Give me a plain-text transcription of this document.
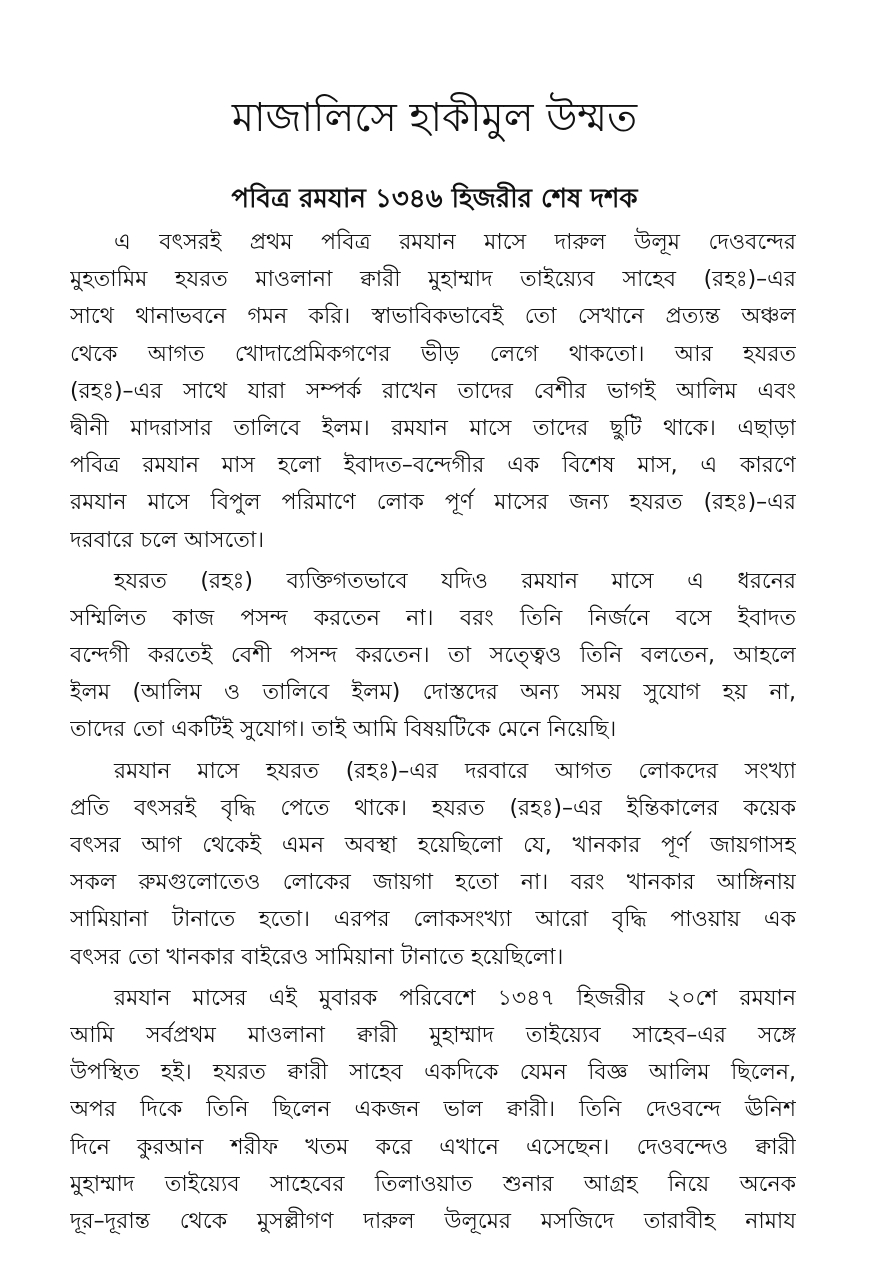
মাজালিসে হাকীমুল উম্মত
পবিত্র রমযান ১৩৪৬ হিজরীর শেষ দশক
এ বৎসরই প্রথম পবিত্র রমযান মাসে দারুল উলূম দেওবন্দের
মুহতামিম হযরত মাওলানা ক্বারী মুহাম্মাদ তাইয়্যেব সাহেব (রহঃ)–এর
সাথে থানাভবনে গমন করি। স্বাভাবিকভাবেই তো সেখানে প্রত্যন্ত অঞ্চল
থেকে আগত খোদাপ্রেমিকগণের ভীড় লেগে থাকতো। আর হযরত
(রহঃ)–এর সাথে যারা সম্পর্ক রাখেন তাদের বেশীর ভাগই আলিম এবং
দ্বীনী মাদরাসার তালিবে ইলম। রমযান মাসে তাদের ছুটি থাকে। এছাড়া
পবিত্র রমযান মাস হলো ইবাদত–বন্দেগীর এক বিশেষ মাস, এ কারণে
রমযান মাসে বিপুল পরিমাণে লোক পূর্ণ মাসের জন্য হযরত (রহঃ)–এর
দরবারে চলে আসতো।
হযরত (রহঃ) ব্যক্তিগতভাবে যদিও রমযান মাসে এ ধরনের
সম্মিলিত কাজ পসন্দ করতেন না। বরং তিনি নির্জনে বসে ইবাদত
বন্দেগী করতেই বেশী পসন্দ করতেন। তা সত্ত্বেও তিনি বলতেন, আহলে
ইলম (আলিম ও তালিবে ইলম) দোস্তদের অন্য সময় সুযোগ হয় না,
তাদের তো একটিই সুযোগ। তাই আমি বিষয়টিকে মেনে নিয়েছি।
রমযান মাসে হযরত (রহঃ)–এর দরবারে আগত লোকদের সংখ্যা
প্রতি বৎসরই বৃদ্ধি পেতে থাকে। হযরত (রহঃ)–এর ইন্তিকালের কয়েক
বৎসর আগ থেকেই এমন অবস্থা হয়েছিলো যে, খানকার পূর্ণ জায়গাসহ
সকল রুমগুলোতেও লোকের জায়গা হতো না। বরং খানকার আঙ্গিনায়
সামিয়ানা টানাতে হতো। এরপর লোকসংখ্যা আরো বৃদ্ধি পাওয়ায় এক
বৎসর তো খানকার বাইরেও সামিয়ানা টানাতে হয়েছিলো।
রমযান মাসের এই মুবারক পরিবেশে ১৩৪৭ হিজরীর ২০শে রমযান
আমি সর্বপ্রথম মাওলানা ক্বারী মুহাম্মাদ তাইয়্যেব সাহেব–এর সঙ্গে
উপস্থিত হই। হযরত ক্বারী সাহেব একদিকে যেমন বিজ্ঞ আলিম ছিলেন,
অপর দিকে তিনি ছিলেন একজন ভাল ক্বারী। তিনি দেওবন্দে ঊনিশ
দিনে কুরআন শরীফ খতম করে এখানে এসেছেন। দেওবন্দেও ক্বারী
মুহাম্মাদ তাইয়্যেব সাহেবের তিলাওয়াত শুনার আগ্রহ নিয়ে অনেক
দূর–দূরান্ত থেকে মুসল্লীগণ দারুল উলূমের মসজিদে তারাবীহ নামায
